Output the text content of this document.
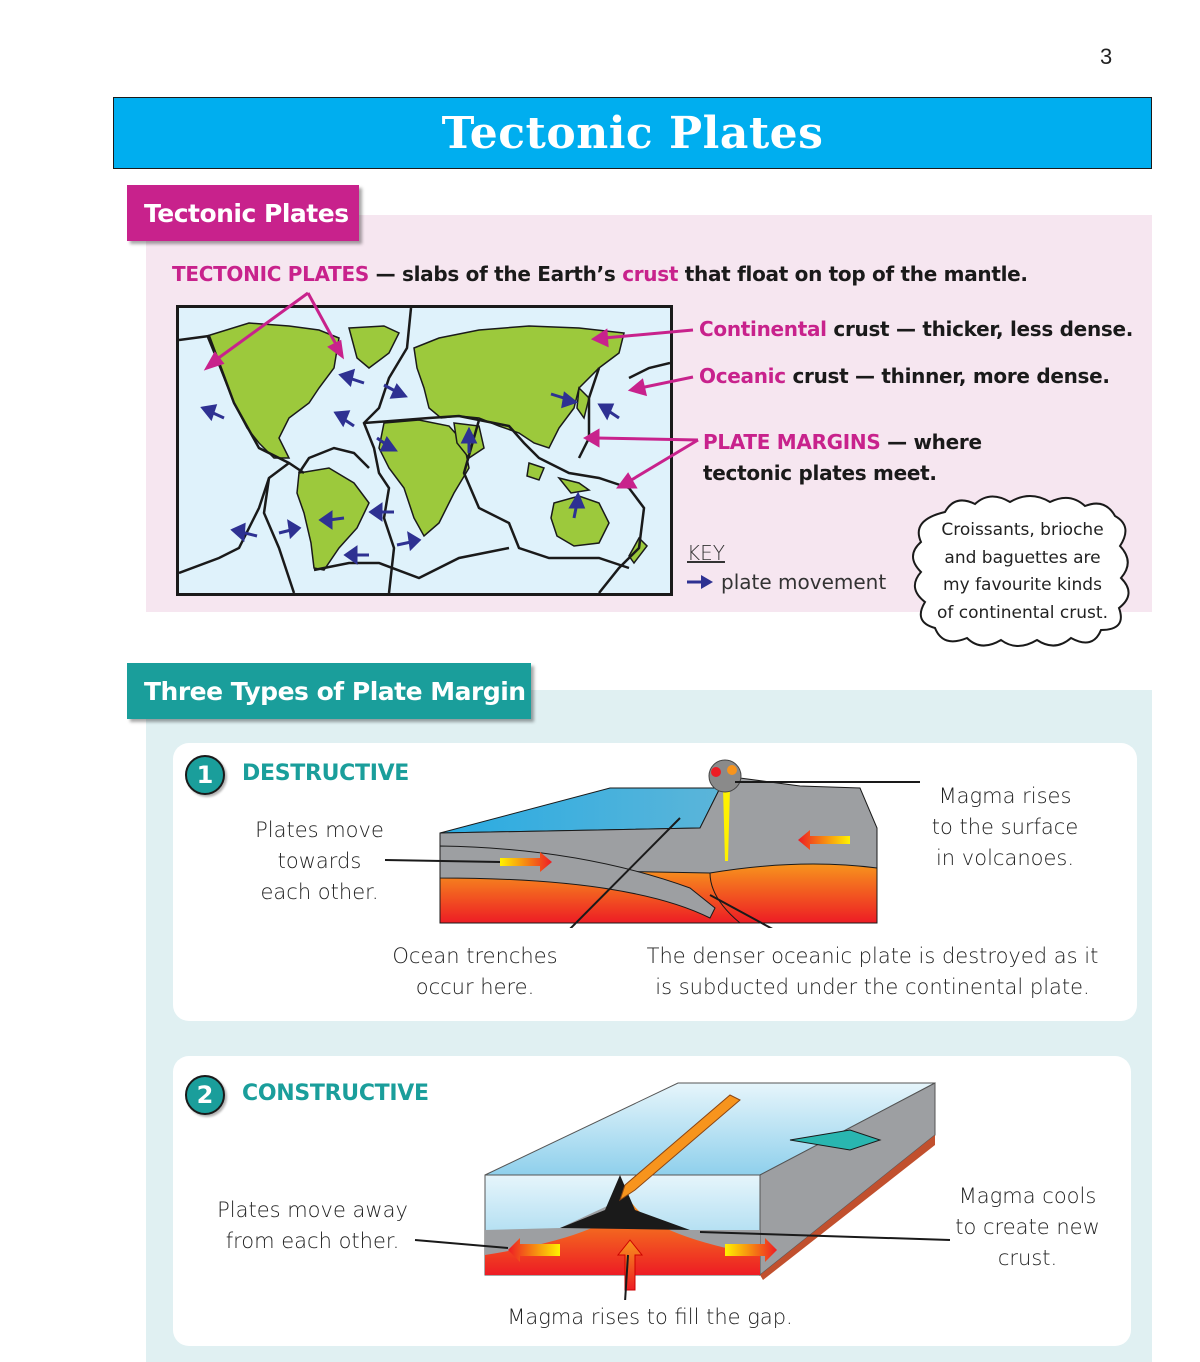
3
Tectonic Plates
Tectonic Plates
TECTONIC PLATES — slabs of the Earth’s crust that float on top of the mantle.
Continental crust — thicker, less dense.
Oceanic crust — thinner, more dense.
PLATE MARGINS — where
tectonic plates meet.
KEY
plate movement
Croissants, brioche
and baguettes are
my favourite kinds
of continental crust.
Three Types of Plate Margin
1	DESTRUCTIVE
Plates move
towards
each other.
Magma rises
to the surface
in volcanoes.
Ocean trenches
occur here.
The denser oceanic plate is destroyed as it
is subducted under the continental plate.
2	CONSTRUCTIVE
Plates move away
from each other.
Magma cools
to create new
crust.
Magma rises to fill the gap.
